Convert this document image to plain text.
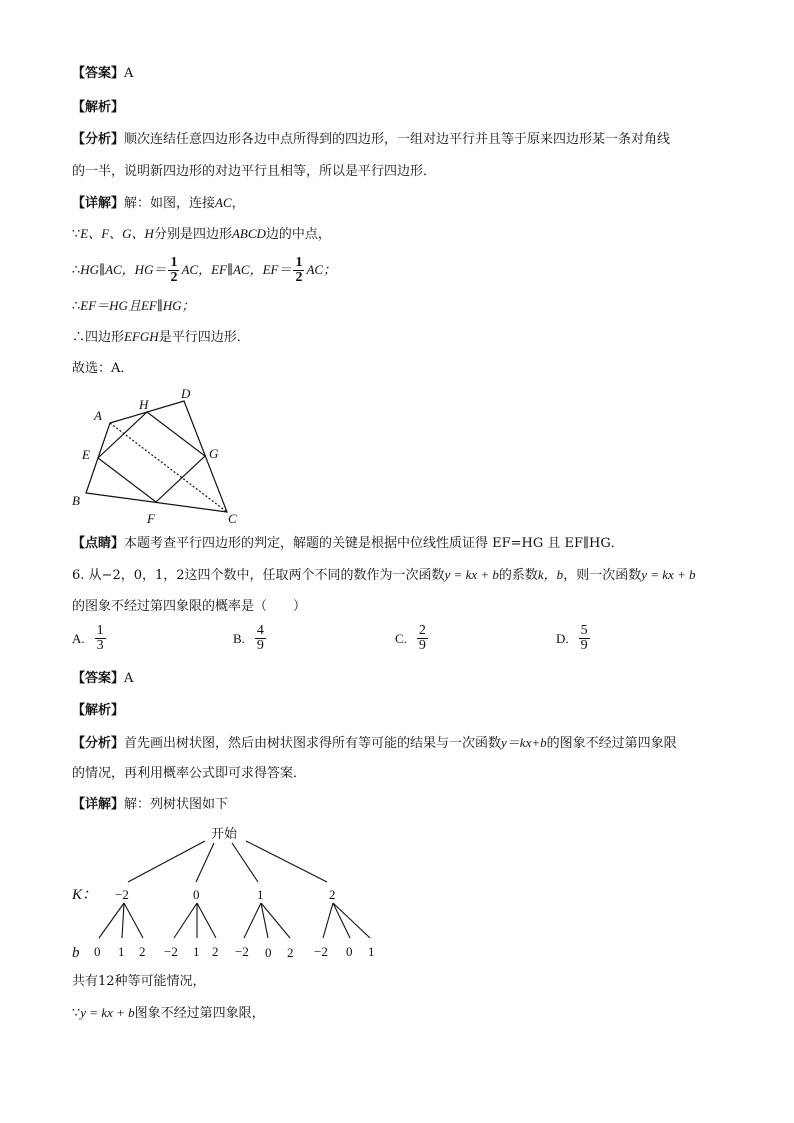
【答案】A
【解析】
【分析】顺次连结任意四边形各边中点所得到的四边形，一组对边平行并且等于原来四边形某一条对角线
的一半，说明新四边形的对边平行且相等，所以是平行四边形．
【详解】解：如图，连接AC，
∵E、F、G、H分别是四边形ABCD边的中点，
∴HG∥AC，$HG= \frac{1}{2}$ AC，EF∥AC，$EF= \frac{1}{2}$ AC；
∴EF＝HG且EF∥HG；
∴四边形EFGH是平行四边形．
故选：A．
A
H
D
E	G
B
F	C
【点睛】本题考查平行四边形的判定，解题的关键是根据中位线性质证得 EF=HG 且 EF∥HG．
6. 从−2，0，1，2这四个数中，任取两个不同的数作为一次函数y = kx + b的系数k，b，则一次函数y = kx + b
的图象不经过第四象限的概率是（　　）
A. $\frac{1}{3}$	B. $\frac{4}{9}$	C. $\frac{2}{9}$	D. $\frac{5}{9}$
【答案】A
【解析】
【分析】首先画出树状图，然后由树状图求得所有等可能的结果与一次函数y＝kx+b的图象不经过第四象限
的情况，再利用概率公式即可求得答案．
【详解】解：列树状图如下
开始
K：
b
−2	0	1	2
0 1 2 −2 1 2 −2 0 2 −2 0 1
共有12种等可能情况，
∵y = kx + b图象不经过第四象限，
